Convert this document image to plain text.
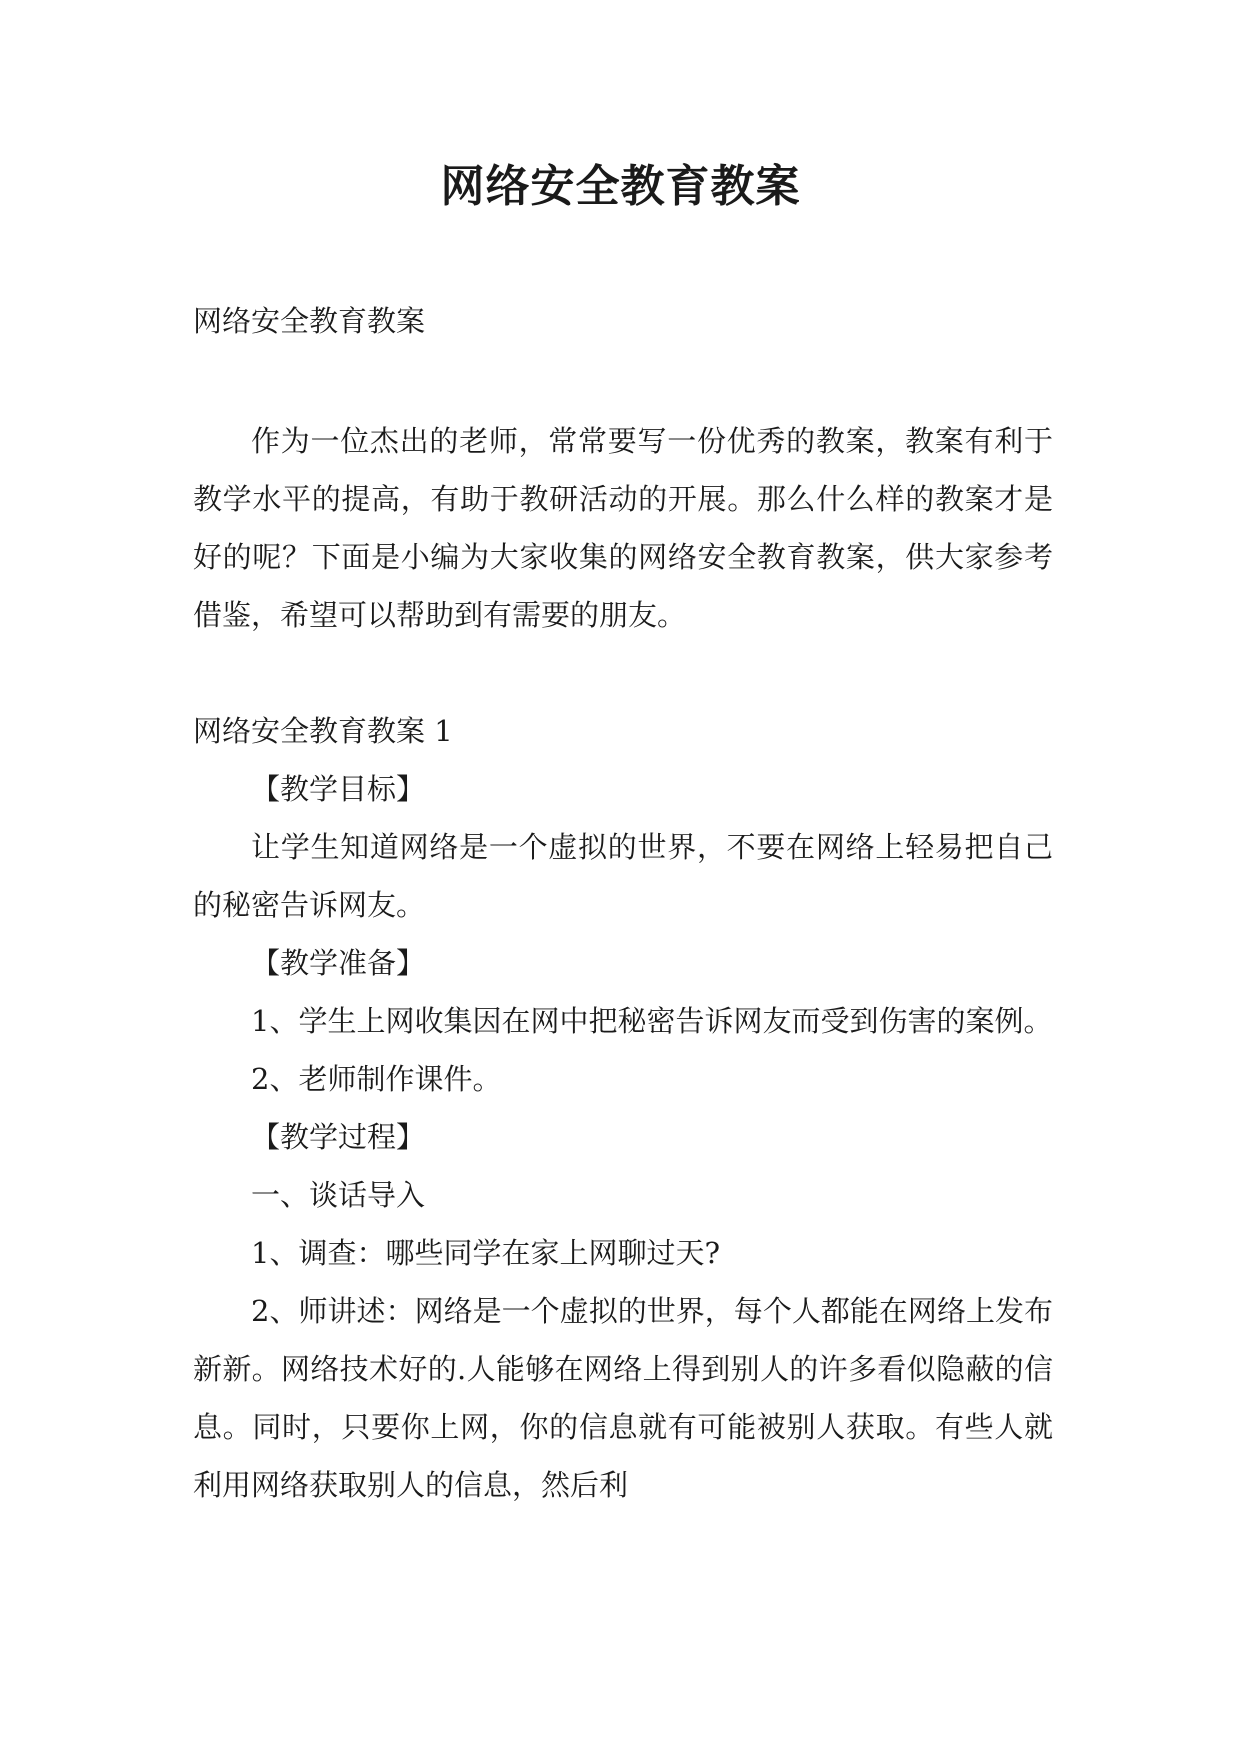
网络安全教育教案

网络安全教育教案

作为一位杰出的老师，常常要写一份优秀的教案，教案有利于教学水平的提高，有助于教研活动的开展。那么什么样的教案才是好的呢？下面是小编为大家收集的网络安全教育教案，供大家参考借鉴，希望可以帮助到有需要的朋友。

网络安全教育教案 1

【教学目标】

让学生知道网络是一个虚拟的世界，不要在网络上轻易把自己的秘密告诉网友。

【教学准备】

1、学生上网收集因在网中把秘密告诉网友而受到伤害的案例。

2、老师制作课件。

【教学过程】

一、谈话导入

1、调查：哪些同学在家上网聊过天?

2、师讲述：网络是一个虚拟的世界，每个人都能在网络上发布新新。网络技术好的.人能够在网络上得到别人的许多看似隐蔽的信息。同时，只要你上网，你的信息就有可能被别人获取。有些人就利用网络获取别人的信息，然后利
